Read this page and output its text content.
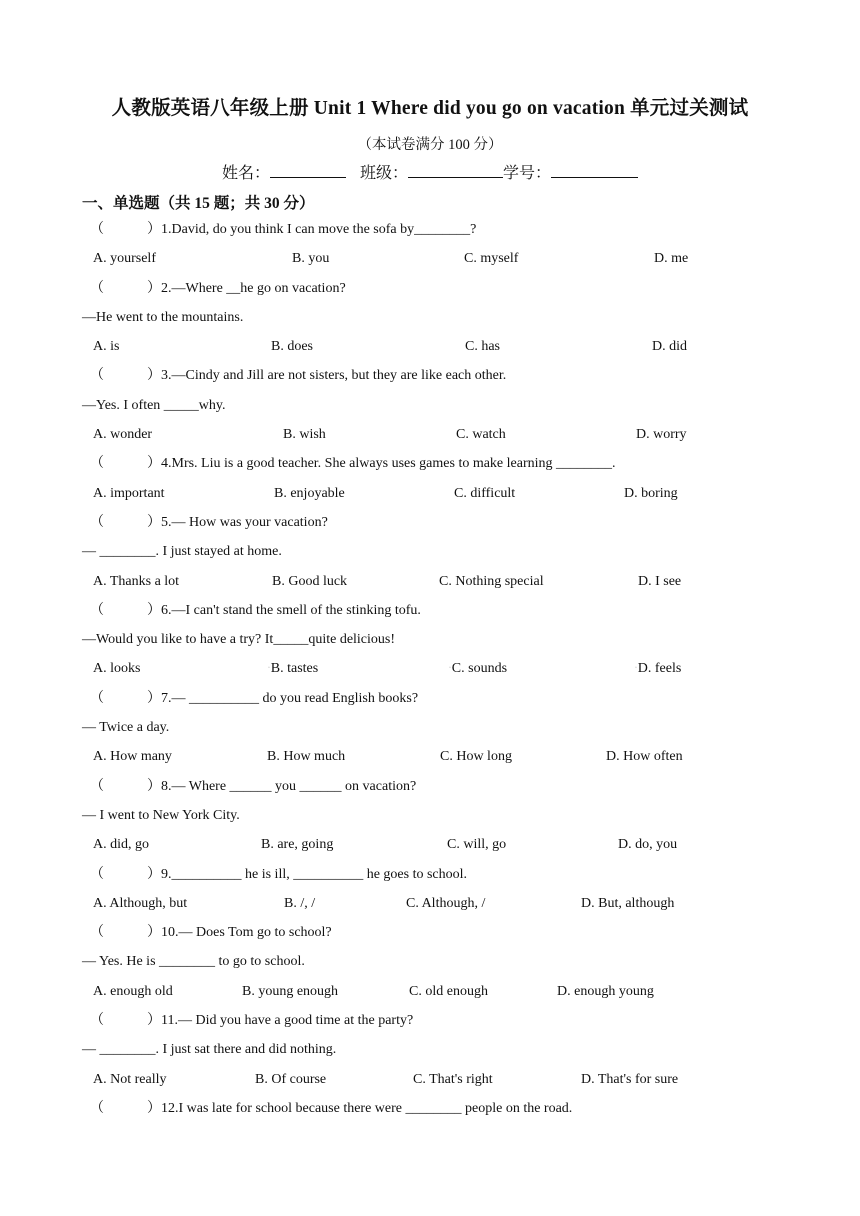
人教版英语八年级上册 Unit 1 Where did you go on vacation 单元过关测试
（本试卷满分 100 分）
姓名：	班级：	学号：
一、单选题（共 15 题；共 30 分）
（	）1.David, do you think I can move the sofa by________?
A. yourself	B. you	C. myself	D. me
（	）2.—Where __he go on vacation?
—He went to the mountains.
A. is	B. does	C. has	D. did
（	）3.—Cindy and Jill are not sisters, but they are like each other.
—Yes. I often _____why.
A. wonder	B. wish	C. watch	D. worry
（	）4.Mrs. Liu is a good teacher. She always uses games to make learning ________.
A. important	B. enjoyable	C. difficult	D. boring
（	）5.— How was your vacation?
— ________. I just stayed at home.
A. Thanks a lot	B. Good luck	C. Nothing special	D. I see
（	）6.—I can't stand the smell of the stinking tofu.
—Would you like to have a try? It_____quite delicious!
A. looks	▫B. tastes	▫C. sounds	▫D. feels
（	）7.— __________ do you read English books?
— Twice a day.
A. How many	B. How much	C. How long	D. How often
（	）8.— Where ______ you ______ on vacation?
— I went to New York City.
A. did, go	B. are, going	C. will, go	D. do, you
（	）9.__________ he is ill, __________ he goes to school.
A. Although, but	B. /, /	C. Although, /	D. But, although
（	）10.— Does Tom go to school?
— Yes. He is ________ to go to school.
A. enough old	B. young enough	C. old enough	D. enough young
（	）11.— Did you have a good time at the party?
— ________. I just sat there and did nothing.
A. Not really	B. Of course	C. That's right	D. That's for sure
（	）12.I was late for school because there were ________ people on the road.
